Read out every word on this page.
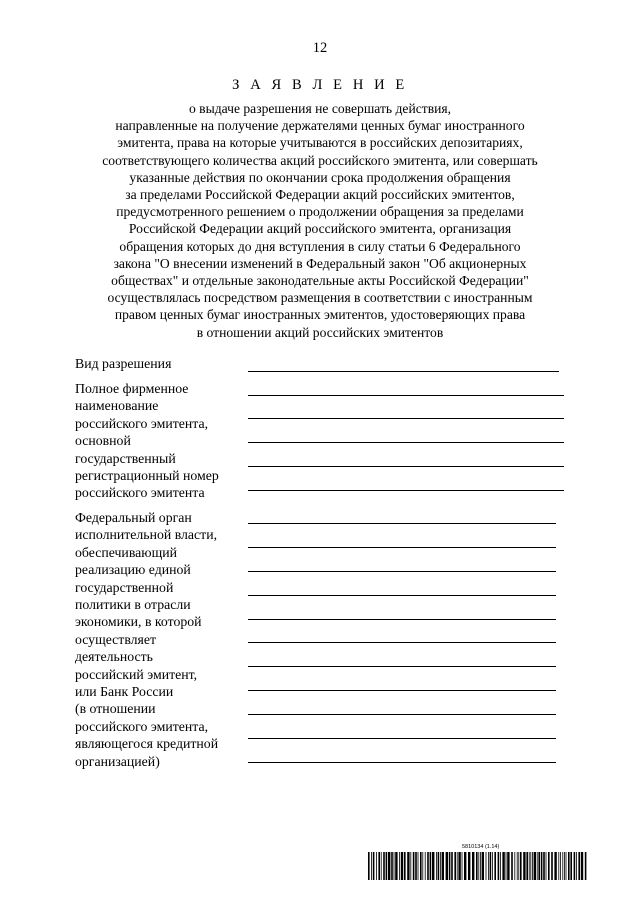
12
З А Я В Л Е Н И Е
о выдаче разрешения не совершать действия,
направленные на получение держателями ценных бумаг иностранного
эмитента, права на которые учитываются в российских депозитариях,
соответствующего количества акций российского эмитента, или совершать
указанные действия по окончании срока продолжения обращения
за пределами Российской Федерации акций российских эмитентов,
предусмотренного решением о продолжении обращения за пределами
Российской Федерации акций российского эмитента, организация
обращения которых до дня вступления в силу статьи 6 Федерального
закона "О внесении изменений в Федеральный закон "Об акционерных
обществах" и отдельные законодательные акты Российской Федерации"
осуществлялась посредством размещения в соответствии с иностранным
правом ценных бумаг иностранных эмитентов, удостоверяющих права
в отношении акций российских эмитентов
Вид разрешения
Полное фирменное
наименование
российского эмитента,
основной
государственный
регистрационный номер
российского эмитента
Федеральный орган
исполнительной власти,
обеспечивающий
реализацию единой
государственной
политики в отрасли
экономики, в которой
осуществляет
деятельность
российский эмитент,
или Банк России
(в отношении
российского эмитента,
являющегося кредитной
организацией)
5810134 (1.14)
